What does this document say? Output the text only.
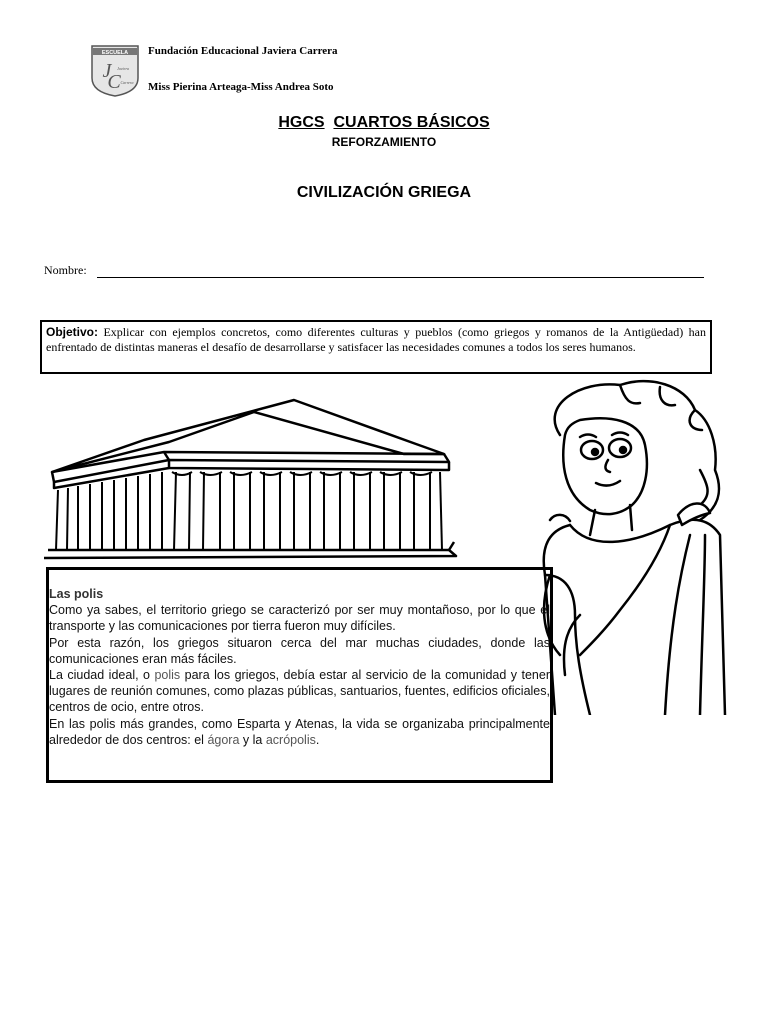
ESCUELA
J
C
Javiera
Carrera
Fundación Educacional Javiera Carrera
Miss Pierina Arteaga-Miss Andrea Soto
HGCS CUARTOS BÁSICOS
REFORZAMIENTO
CIVILIZACIÓN GRIEGA
Nombre:
Objetivo: Explicar con ejemplos concretos, como diferentes culturas y pueblos (como griegos y romanos de la Antigüedad) han enfrentado de distintas maneras el desafío de desarrollarse y satisfacer las necesidades comunes a todos los seres humanos.

Las polis

Como ya sabes, el territorio griego se caracterizó por ser muy montañoso, por lo que el transporte y las comunicaciones por tierra fueron muy difíciles.

Por esta razón, los griegos situaron cerca del mar muchas ciudades, donde las comunicaciones eran más fáciles.

La ciudad ideal, o polis para los griegos, debía estar al servicio de la comunidad y tener lugares de reunión comunes, como plazas públicas, santuarios, fuentes, edificios oficiales, centros de ocio, entre otros.

En las polis más grandes, como Esparta y Atenas, la vida se organizaba principalmente alrededor de dos centros: el ágora y la acrópolis.
